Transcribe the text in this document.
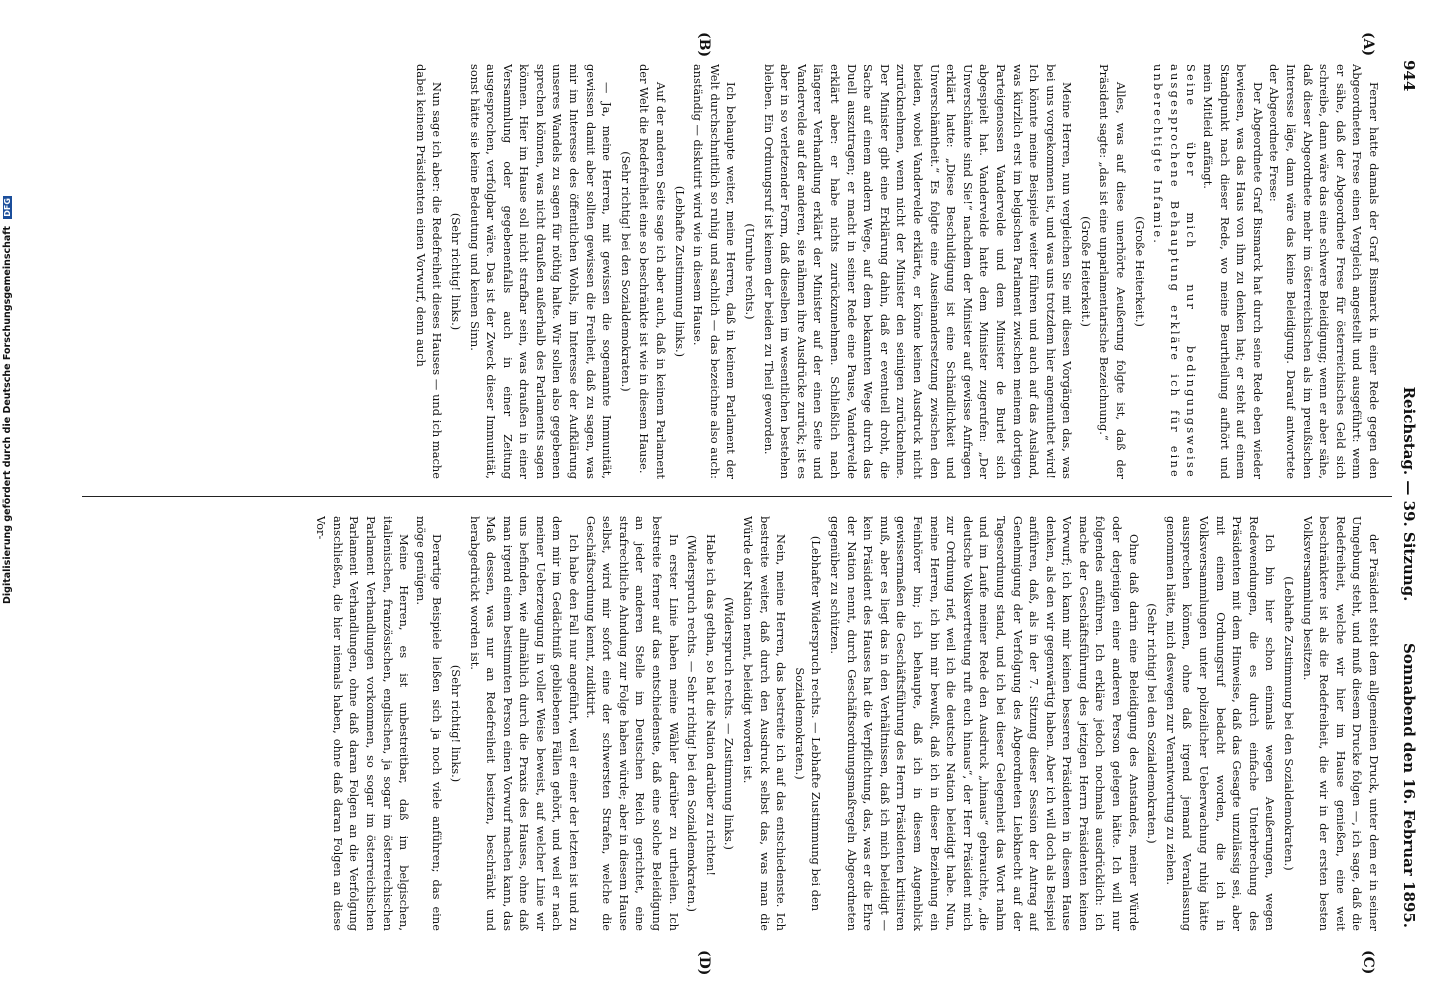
944
Reichstag. — 39. Sitzung.
Sonnabend den 16. Februar 1895.
(A)
(B)
(C)
(D)

Ferner hatte damals der Graf Bismarck in einer Rede gegen den Abgeordneten Frese einen Vergleich angestellt und ausgeführt: wenn er sähe, daß der Abgeordnete Frese für österreichisches Geld sich schreibe, dann wäre das eine schwere Beleidigung; wenn er aber sähe, daß dieser Abgeordnete mehr im österreichischen als im preußischen Interesse läge, dann wäre das keine Beleidigung. Darauf antwortete der Abgeordnete Frese:

Der Abgeordnete Graf Bismarck hat durch seine Rede eben wieder bewiesen, was das Haus von ihm zu denken hat; er steht auf einem Standpunkt nach dieser Rede, wo meine Beurtheilung aufhört und mein Mitleid anfängt.

Seine über mich nur bedingungsweise ausgesprochene Behauptung erkläre ich für eine unberechtigte Infamie.

(Große Heiterkeit.)

Alles, was auf diese unerhörte Aeußerung folgte ist, daß der Präsident sagte: „das ist eine unparlamentarische Bezeichnung.“

(Große Heiterkeit.)

Meine Herren, nun vergleichen Sie mit diesen Vorgängen das, was bei uns vorgekommen ist, und was uns trotzdem hier angemuthet wird! Ich könnte meine Beispiele weiter führen und auch auf das Ausland, was kürzlich erst im belgischen Parlament zwischen meinem dortigen Parteigenossen Vandervelde und dem Minister de Burlet sich abgespielt hat. Vandervelde hatte dem Minister zugerufen: „Der Unverschämte sind Sie!“ nachdem der Minister auf gewisse Anfragen erklärt hatte: „Diese Beschuldigung ist eine Schändlichkeit und Unverschämtheit.“ Es folgte eine Auseinandersetzung zwischen den beiden, wobei Vandervelde erklärte, er könne keinen Ausdruck nicht zurücknehmen, wenn nicht der Minister den seinigen zurücknehme. Der Minister gibt eine Erklärung dahin, daß er eventuell droht, die Sache auf einem andern Wege, auf dem bekannten Wege durch das Duell auszutragen; er macht in seiner Rede eine Pause, Vandervelde erklärt aber: er habe nichts zurückzunehmen. Schließlich nach längerer Verhandlung erklärt der Minister auf der einen Seite und Vandervelde auf der anderen, sie nähmen ihre Ausdrücke zurück; ist es aber in so verletzender Form, daß dieselben im wesentlichen bestehen bleiben. Ein Ordnungsruf ist keinem der beiden zu Theil geworden.

(Unruhe rechts.)

Ich behaupte weiter, meine Herren, daß in keinem Parlament der Welt durchschnittlich so ruhig und sachlich — das bezeichne also auch: anständig — diskutirt wird wie in diesem Hause.

(Lebhafte Zustimmung links.)

Auf der anderen Seite sage ich aber auch, daß in keinem Parlament der Welt die Redefreiheit eine so beschränkte ist wie in diesem Hause.

(Sehr richtig! bei den Sozialdemokraten.)

— Ja, meine Herren, mit gewissen die sogenannte Immunität, gewissen damit aber sollten gewissen die Freiheit, daß zu sagen, was mir im Interesse des öffentlichen Wohls, im Interesse der Aufklärung unseres Wandels zu sagen für nöthig halte. Wir sollen also gegebenen sprechen können, was nicht draußen außerhalb des Parlaments sagen können. Hier im Hause soll nicht strafbar sein, was draußen in einer Versammlung oder gegebenenfalls auch in einer Zeitung ausgesprochen, verfolgbar wäre. Das ist der Zweck dieser Immunität, sonst hätte sie keine Bedeutung und keinen Sinn.

(Sehr richtig! links.)

Nun sage ich aber: die Redefreiheit dieses Hauses — und ich mache dabei keinem Präsidenten einen Vorwurf, denn auch

der Präsident steht dem allgemeinen Druck, unter dem er in seiner Umgebung steht, und muß diesem Drucke folgen —, ich sage, daß die Redefreiheit, welche wir hier im Hause genießen, eine weit beschränktere ist als die Redefreiheit, die wir in der ersten besten Volksversammlung besitzen.

(Lebhafte Zustimmung bei den Sozialdemokraten.)

Ich bin hier schon einmals wegen Aeußerungen, wegen Redewendungen, die es durch einfache Unterbrechung des Präsidenten mit dem Hinweise, daß das Gesagte unzulässig sei, aber mit einem Ordnungsruf bedacht worden, die ich in Volksversammlungen unter polizeilicher Ueberwachung ruhig hätte aussprechen können, ohne daß irgend jemand Veranlassung genommen hätte, mich deswegen zur Verantwortung zu ziehen.

(Sehr richtig! bei den Sozialdemokraten.)

Ohne daß darin eine Beleidigung des Anstandes, meiner Würde oder derjenigen einer anderen Person gelegen hätte. Ich will nur folgendes anführen. Ich erkläre jedoch nochmals ausdrücklich: ich mache der Geschäftsführung des jetzigen Herrn Präsidenten keinen Vorwurf; ich kann mir keinen besseren Präsidenten in diesem Hause denken, als den wir gegenwärtig haben. Aber ich will doch als Beispiel anführen, daß, als in der 7. Sitzung dieser Session der Antrag auf Genehmigung der Verfolgung des Abgeordneten Liebknecht auf der Tagesordnung stand, und ich bei dieser Gelegenheit das Wort nahm und im Laufe meiner Rede den Ausdruck „hinaus“ gebrauchte, „die deutsche Volksvertretung ruft euch hinaus“, der Herr Präsident mich zur Ordnung rief, weil ich die deutsche Nation beleidigt habe. Nun, meine Herren, ich bin mir bewußt, daß ich in dieser Beziehung ein Feinhörer bin; ich behaupte, daß ich in diesem Augenblick gewissermaßen die Geschäftsführung des Herrn Präsidenten kritisiren muß, aber es liegt das in den Verhältnissen, daß ich mich beleidigt — kein Präsident des Hauses hat die Verpflichtung, das, was er die Ehre der Nation nennt, durch Geschäftsordnungsmaßregeln Abgeordneten gegenüber zu schützen.

(Lebhafter Widerspruch rechts. — Lebhafte Zustimmung bei den Sozialdemokraten.)

Nein, meine Herren, das bestreite ich auf das entschiedenste. Ich bestreite weiter, daß durch den Ausdruck selbst das, was man die Würde der Nation nennt, beleidigt worden ist.

(Widerspruch rechts. — Zustimmung links.)

Habe ich das gethan, so hat die Nation darüber zu richten!

(Widerspruch rechts. — Sehr richtig! bei den Sozialdemokraten.)

In erster Linie haben meine Wähler darüber zu urtheilen. Ich bestreite ferner auf das entschiedenste, daß eine solche Beleidigung an jeder anderen Stelle im Deutschen Reich gerichtet, eine strafrechtliche Ahndung zur Folge haben würde; aber in diesem Hause selbst, wird mir sofort eine der schwersten Strafen, welche die Geschäftsordnung kennt, zudiktirt.

Ich habe den Fall nur angeführt, weil er einer der letzten ist und zu dem mir im Gedächtniß gebliebenen Fällen gehört, und weil er nach meiner Ueberzeugung in voller Weise beweist, auf welcher Linie wir uns befinden, wie allmählich durch die Praxis des Hauses, ohne daß man irgend einem bestimmten Person einen Vorwurf machen kann, das Maß dessen, was nur an Redefreiheit besitzen, beschränkt und herabgedrückt worden ist.

(Sehr richtig! links.)

Derartige Beispiele ließen sich ja noch viele anführen; das eine möge genügen.

Meine Herren, es ist unbestreitbar, daß im belgischen, italienischen, französischen, englischen, ja sogar im österreichischen Parlament Verhandlungen vorkommen, so sogar im österreichischen Parlament Verhandlungen, ohne daß daran Folgen an die Verfolgung anschließen, die hier niemals haben, ohne daß daran Folgen an diese Vor-

Digitalisierung gefördert durch die Deutsche Forschungsgemeinschaft DFG
